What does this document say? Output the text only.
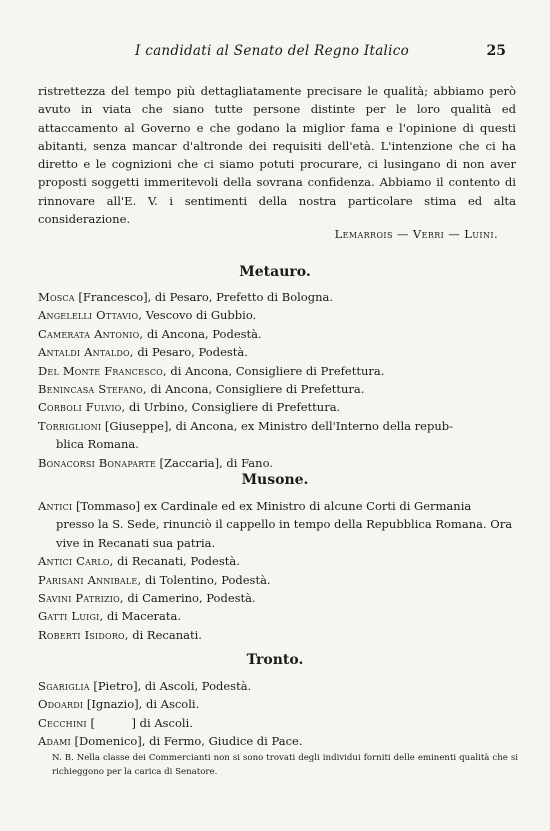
I candidati al Senato del Regno Italico	25
ristrettezza del tempo più dettagliatamente precisare le qualità; abbiamo però avuto in viata che siano tutte persone distinte per le loro qualità ed attaccamento al Governo e che godano la miglior fama e l'opinione di questi abitanti, senza mancar d'altronde dei requisiti dell'età. L'intenzione che ci ha diretto e le cognizioni che ci siamo potuti procurare, ci lusingano di non aver proposti soggetti immeritevoli della sovrana confidenza. Abbiamo il contento di rinnovare all'E. V. i sentimenti della nostra particolare stima ed alta considerazione.
Lemarrois — Verri — Luini.
Metauro.
Mosca [Francesco], di Pesaro, Prefetto di Bologna.
Angelelli Ottavio, Vescovo di Gubbio.
Camerata Antonio, di Ancona, Podestà.
Antaldi Antaldo, di Pesaro, Podestà.
Del Monte Francesco, di Ancona, Consigliere di Prefettura.
Benincasa Stefano, di Ancona, Consigliere di Prefettura.
Corboli Fulvio, di Urbino, Consigliere di Prefettura.
Torriglioni [Giuseppe], di Ancona, ex Ministro dell'Interno della repub-
blica Romana.
Bonacorsi Bonaparte [Zaccaria], di Fano.
Musone.
Antici [Tommaso] ex Cardinale ed ex Ministro di alcune Corti di Germania
presso la S. Sede, rinunciò il cappello in tempo della Repubblica Romana. Ora vive in Recanati sua patria.
Antici Carlo, di Recanati, Podestà.
Parisani Annibale, di Tolentino, Podestà.
Savini Patrizio, di Camerino, Podestà.
Gatti Luigi, di Macerata.
Roberti Isidoro, di Recanati.
Tronto.
Sgariglia [Pietro], di Ascoli, Podestà.
Odoardi [Ignazio], di Ascoli.
Cecchini [          ] di Ascoli.
Adami [Domenico], di Fermo, Giudice di Pace.
N. B. Nella classe dei Commercianti non si sono trovati degli individui forniti delle eminenti qualità che si richieggono per la carica di Senatore.
